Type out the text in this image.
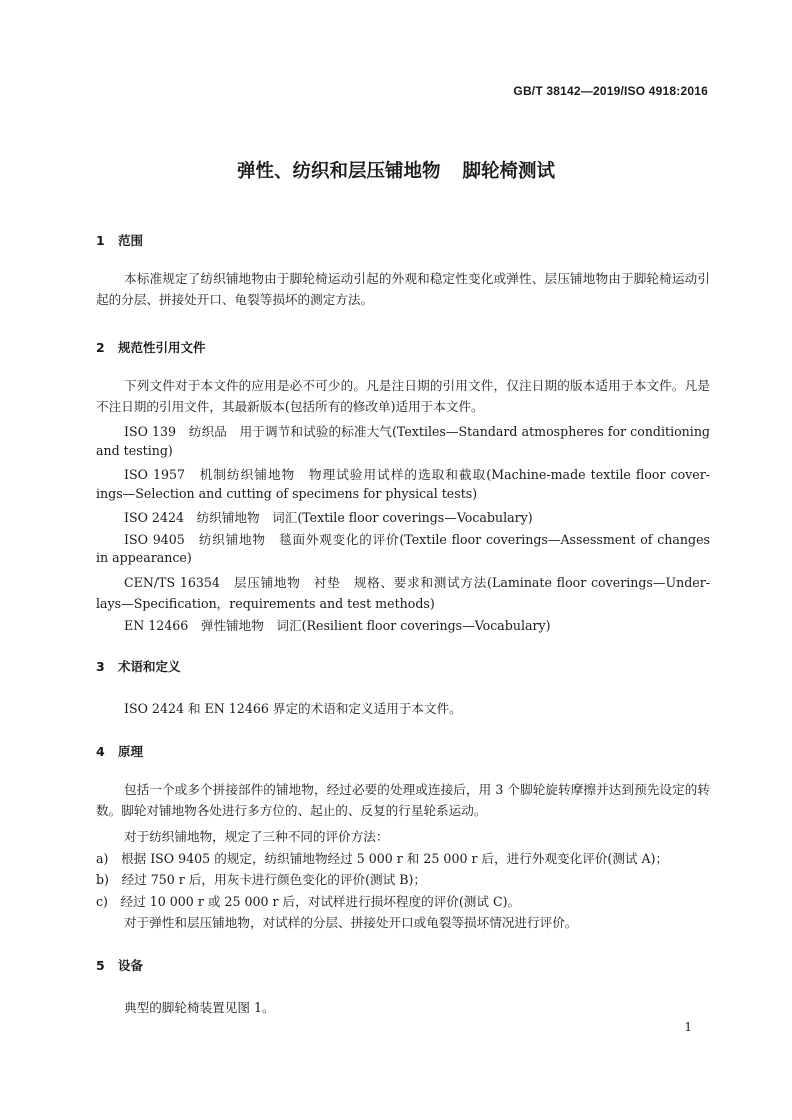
GB/T 38142—2019/ISO 4918:2016
弹性、纺织和层压铺地物 脚轮椅测试
1 范围
本标准规定了纺织铺地物由于脚轮椅运动引起的外观和稳定性变化或弹性、层压铺地物由于脚轮椅运动引起的分层、拼接处开口、龟裂等损坏的测定方法。
2 规范性引用文件
下列文件对于本文件的应用是必不可少的。凡是注日期的引用文件，仅注日期的版本适用于本文件。凡是不注日期的引用文件，其最新版本(包括所有的修改单)适用于本文件。
ISO 139　纺织品　用于调节和试验的标准大气(Textiles—Standard atmospheres for conditioning
and testing)
ISO 1957　机制纺织铺地物　物理试验用试样的选取和截取(Machine-made textile floor cover-
ings—Selection and cutting of specimens for physical tests)
ISO 2424　纺织铺地物　词汇(Textile floor coverings—Vocabulary)
ISO 9405　纺织铺地物　毯面外观变化的评价(Textile floor coverings—Assessment of changes
in appearance)
CEN/TS 16354　层压铺地物　衬垫　规格、要求和测试方法(Laminate floor coverings—Under-
lays—Specification，requirements and test methods)
EN 12466　弹性铺地物　词汇(Resilient floor coverings—Vocabulary)
3 术语和定义
ISO 2424 和 EN 12466 界定的术语和定义适用于本文件。
4 原理
包括一个或多个拼接部件的铺地物，经过必要的处理或连接后，用 3 个脚轮旋转摩擦并达到预先设定的转数。脚轮对铺地物各处进行多方位的、起止的、反复的行星轮系运动。
对于纺织铺地物，规定了三种不同的评价方法：
a)　根据 ISO 9405 的规定，纺织铺地物经过 5 000 r 和 25 000 r 后，进行外观变化评价(测试 A)；
b)　经过 750 r 后，用灰卡进行颜色变化的评价(测试 B)；
c)　经过 10 000 r 或 25 000 r 后，对试样进行损坏程度的评价(测试 C)。
对于弹性和层压铺地物，对试样的分层、拼接处开口或龟裂等损坏情况进行评价。
5 设备
典型的脚轮椅装置见图 1。
1
